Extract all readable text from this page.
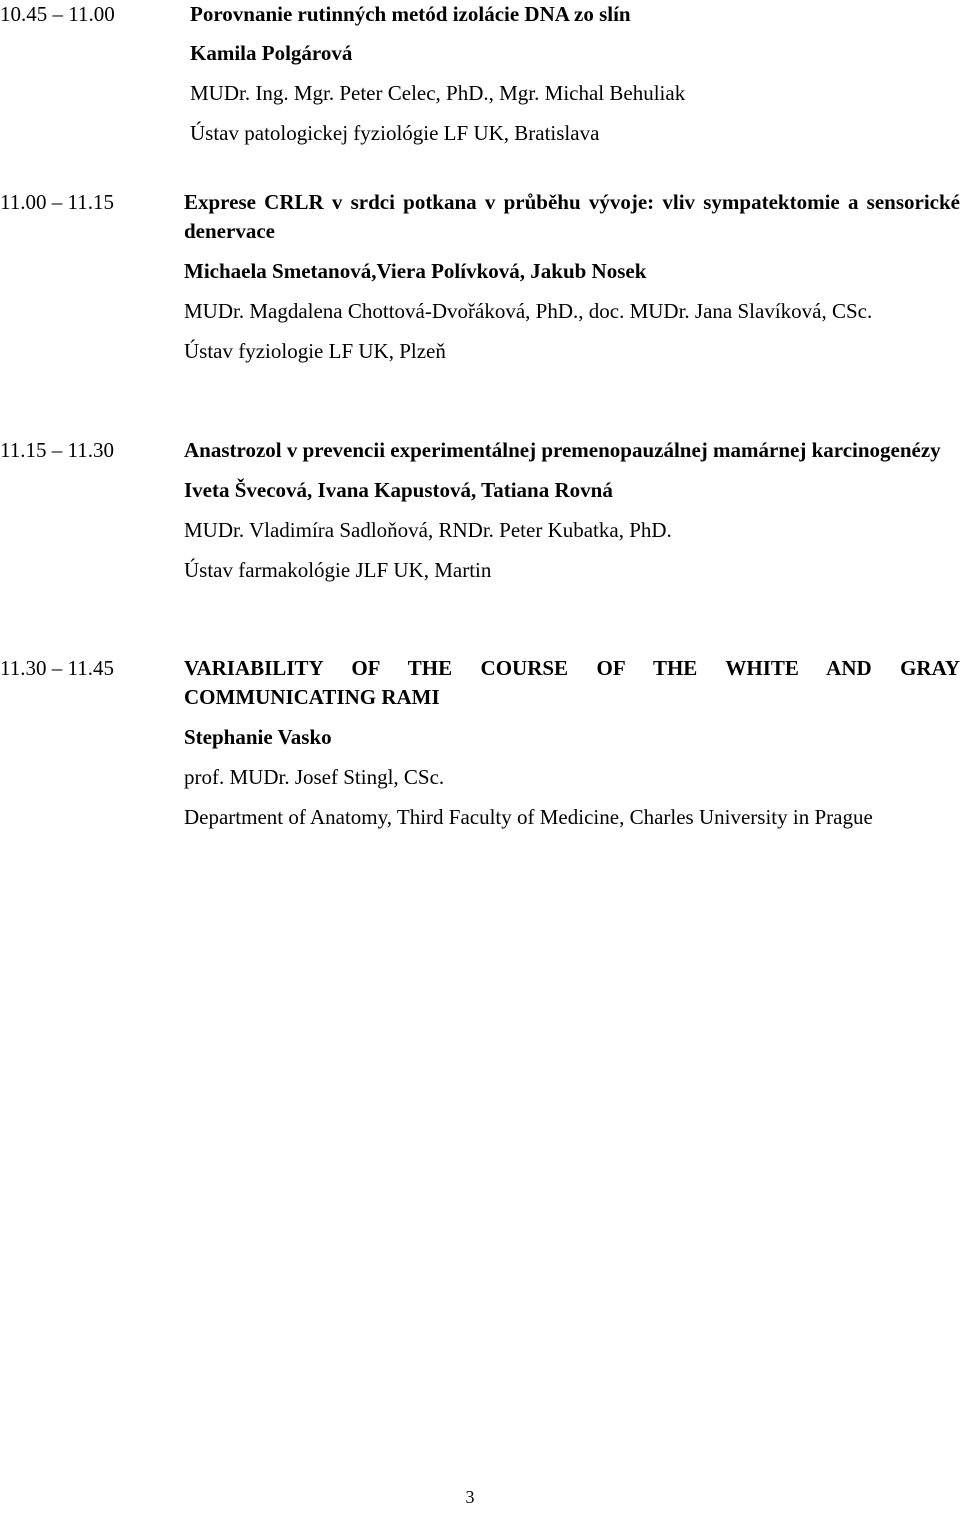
10.45 – 11.00	Porovnanie rutinných metód izolácie DNA zo slín
Kamila Polgárová
MUDr. Ing. Mgr. Peter Celec, PhD., Mgr. Michal Behuliak
Ústav patologickej fyziológie LF UK, Bratislava
11.00 – 11.15	Exprese CRLR v srdci potkana v průběhu vývoje: vliv sympatektomie a sensorické denervace
Michaela Smetanová,Viera Polívková, Jakub Nosek
MUDr. Magdalena Chottová-Dvořáková, PhD., doc. MUDr. Jana Slavíková, CSc.
Ústav fyziologie LF UK, Plzeň
11.15 – 11.30	Anastrozol v prevencii experimentálnej premenopauzálnej mamárnej karcinogenézy
Iveta Švecová, Ivana Kapustová, Tatiana Rovná
MUDr. Vladimíra Sadloňová, RNDr. Peter Kubatka, PhD.
Ústav farmakológie JLF UK, Martin
11.30 – 11.45	VARIABILITY OF THE COURSE OF THE WHITE AND GRAY COMMUNICATING RAMI
Stephanie Vasko
prof. MUDr. Josef Stingl, CSc.
Department of Anatomy, Third Faculty of Medicine, Charles University in Prague
3
